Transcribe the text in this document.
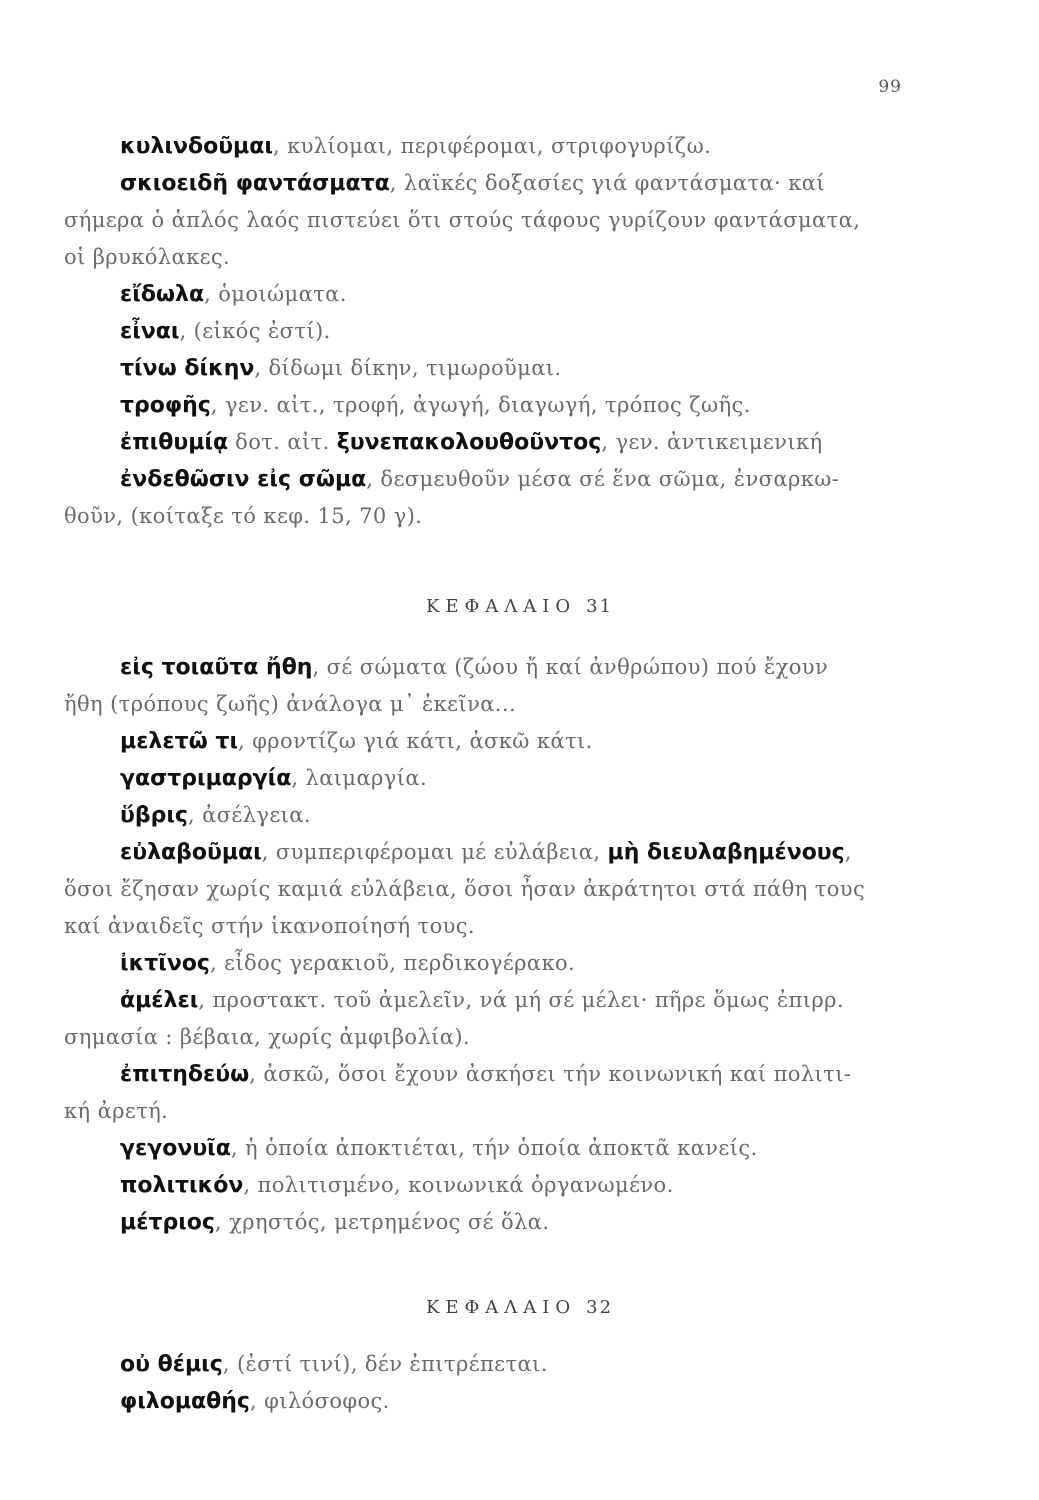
99
κυλινδοῦμαι, κυλίομαι, περιφέρομαι, στριφογυρίζω.
σκιοειδῆ φαντάσματα, λαϊκές δοξασίες γιά φαντάσματα· καί
σήμερα ὁ ἁπλός λαός πιστεύει ὅτι στούς τάφους γυρίζουν φαντάσματα,
οἱ βρυκόλακες.
εἴδωλα, ὁμοιώματα.
εἶναι, (εἰκός ἐστί).
τίνω δίκην, δίδωμι δίκην, τιμωροῦμαι.
τροφῆς, γεν. αἰτ., τροφή, ἀγωγή, διαγωγή, τρόπος ζωῆς.
ἐπιθυμίᾳ δοτ. αἰτ. ξυνεπακολουθοῦντος, γεν. ἀντικειμενική
ἐνδεθῶσιν εἰς σῶμα, δεσμευθοῦν μέσα σέ ἕνα σῶμα, ἐνσαρκω-
θοῦν, (κοίταξε τό κεφ. 15, 70 γ).
ΚΕΦΑΛΑΙΟ 31
εἰς τοιαῦτα ἤθη, σέ σώματα (ζώου ἤ καί ἀνθρώπου) πού ἔχουν
ἤθη (τρόπους ζωῆς) ἀνάλογα μ᾿ ἐκεῖνα...
μελετῶ τι, φροντίζω γιά κάτι, ἀσκῶ κάτι.
γαστριμαργία, λαιμαργία.
ὕβρις, ἀσέλγεια.
εὐλαβοῦμαι, συμπεριφέρομαι μέ εὐλάβεια, μὴ διευλαβημένους,
ὅσοι ἔζησαν χωρίς καμιά εὐλάβεια, ὅσοι ἦσαν ἀκράτητοι στά πάθη τους
καί ἀναιδεῖς στήν ἱκανοποίησή τους.
ἰκτῖνος, εἶδος γερακιοῦ, περδικογέρακο.
ἀμέλει, προστακτ. τοῦ ἀμελεῖν, νά μή σέ μέλει· πῆρε ὅμως ἐπιρρ.
σημασία : βέβαια, χωρίς ἀμφιβολία).
ἐπιτηδεύω, ἀσκῶ, ὅσοι ἔχουν ἀσκήσει τήν κοινωνική καί πολιτι-
κή ἀρετή.
γεγονυῖα, ἡ ὁποία ἀποκτιέται, τήν ὁποία ἀποκτᾶ κανείς.
πολιτικόν, πολιτισμένο, κοινωνικά ὀργανωμένο.
μέτριος, χρηστός, μετρημένος σέ ὅλα.
ΚΕΦΑΛΑΙΟ 32
οὐ θέμις, (ἐστί τινί), δέν ἐπιτρέπεται.
φιλομαθής, φιλόσοφος.
